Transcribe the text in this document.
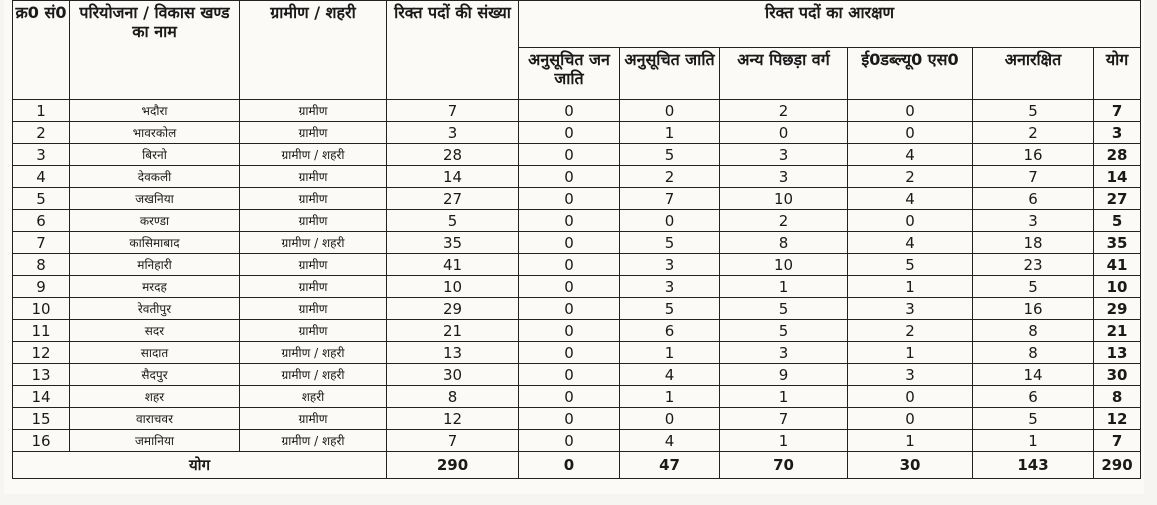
क्र0 सं0	परियोजना / विकास खण्ड का नाम	ग्रामीण / शहरी	रिक्त पदों की संख्या	रिक्त पदों का आरक्षण					
				अनुसूचित जन जाति	अनुसूचित जाति	अन्य पिछड़ा वर्ग	ई0डब्ल्यू0 एस0	अनारक्षित	योग
1	भदौरा	ग्रामीण	7	0	0	2	0	5	7
2	भावरकोल	ग्रामीण	3	0	1	0	0	2	3
3	बिरनो	ग्रामीण / शहरी	28	0	5	3	4	16	28
4	देवकली	ग्रामीण	14	0	2	3	2	7	14
5	जखनिया	ग्रामीण	27	0	7	10	4	6	27
6	करण्डा	ग्रामीण	5	0	0	2	0	3	5
7	कासिमाबाद	ग्रामीण / शहरी	35	0	5	8	4	18	35
8	मनिहारी	ग्रामीण	41	0	3	10	5	23	41
9	मरदह	ग्रामीण	10	0	3	1	1	5	10
10	रेवतीपुर	ग्रामीण	29	0	5	5	3	16	29
11	सदर	ग्रामीण	21	0	6	5	2	8	21
12	सादात	ग्रामीण / शहरी	13	0	1	3	1	8	13
13	सैदपुर	ग्रामीण / शहरी	30	0	4	9	3	14	30
14	शहर	शहरी	8	0	1	1	0	6	8
15	वाराचवर	ग्रामीण	12	0	0	7	0	5	12
16	जमानिया	ग्रामीण / शहरी	7	0	4	1	1	1	7
योग			290	0	47	70	30	143	290
